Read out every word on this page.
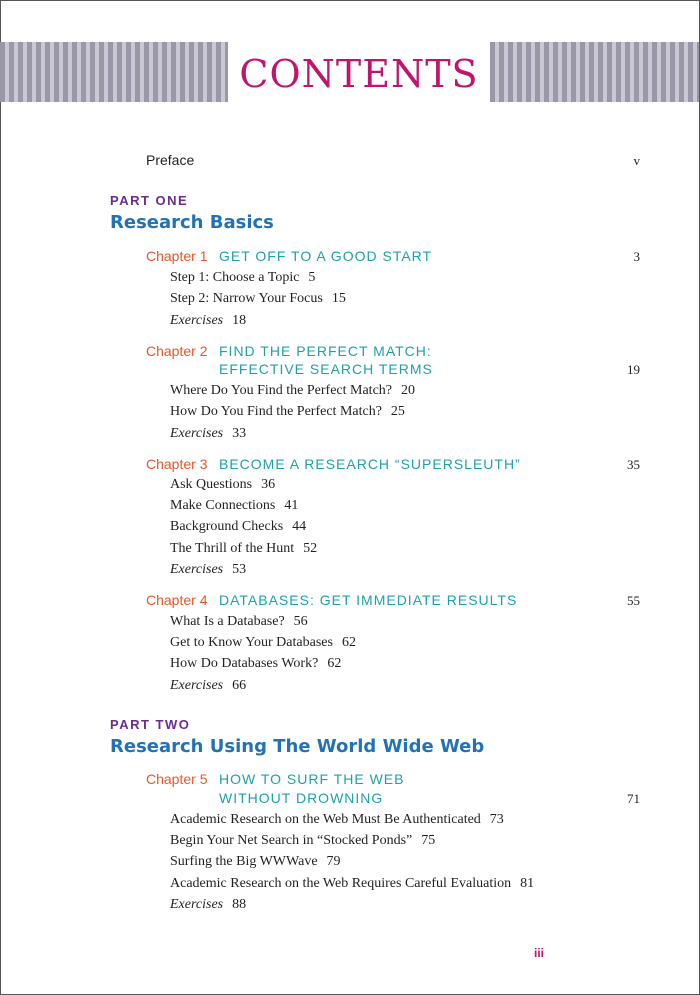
CONTENTS
Preface	v
PART ONE
Research Basics
Chapter 1 GET OFF TO A GOOD START	3
Step 1: Choose a Topic 5
Step 2: Narrow Your Focus 15
Exercises 18
Chapter 2 FIND THE PERFECT MATCH:
EFFECTIVE SEARCH TERMS	19
Where Do You Find the Perfect Match? 20
How Do You Find the Perfect Match? 25
Exercises 33
Chapter 3 BECOME A RESEARCH “SUPERSLEUTH”	35
Ask Questions 36
Make Connections 41
Background Checks 44
The Thrill of the Hunt 52
Exercises 53
Chapter 4 DATABASES: GET IMMEDIATE RESULTS	55
What Is a Database? 56
Get to Know Your Databases 62
How Do Databases Work? 62
Exercises 66
PART TWO
Research Using The World Wide Web
Chapter 5 HOW TO SURF THE WEB
WITHOUT DROWNING	71
Academic Research on the Web Must Be Authenticated 73
Begin Your Net Search in “Stocked Ponds” 75
Surfing the Big WWWave 79
Academic Research on the Web Requires Careful Evaluation 81
Exercises 88
iii
